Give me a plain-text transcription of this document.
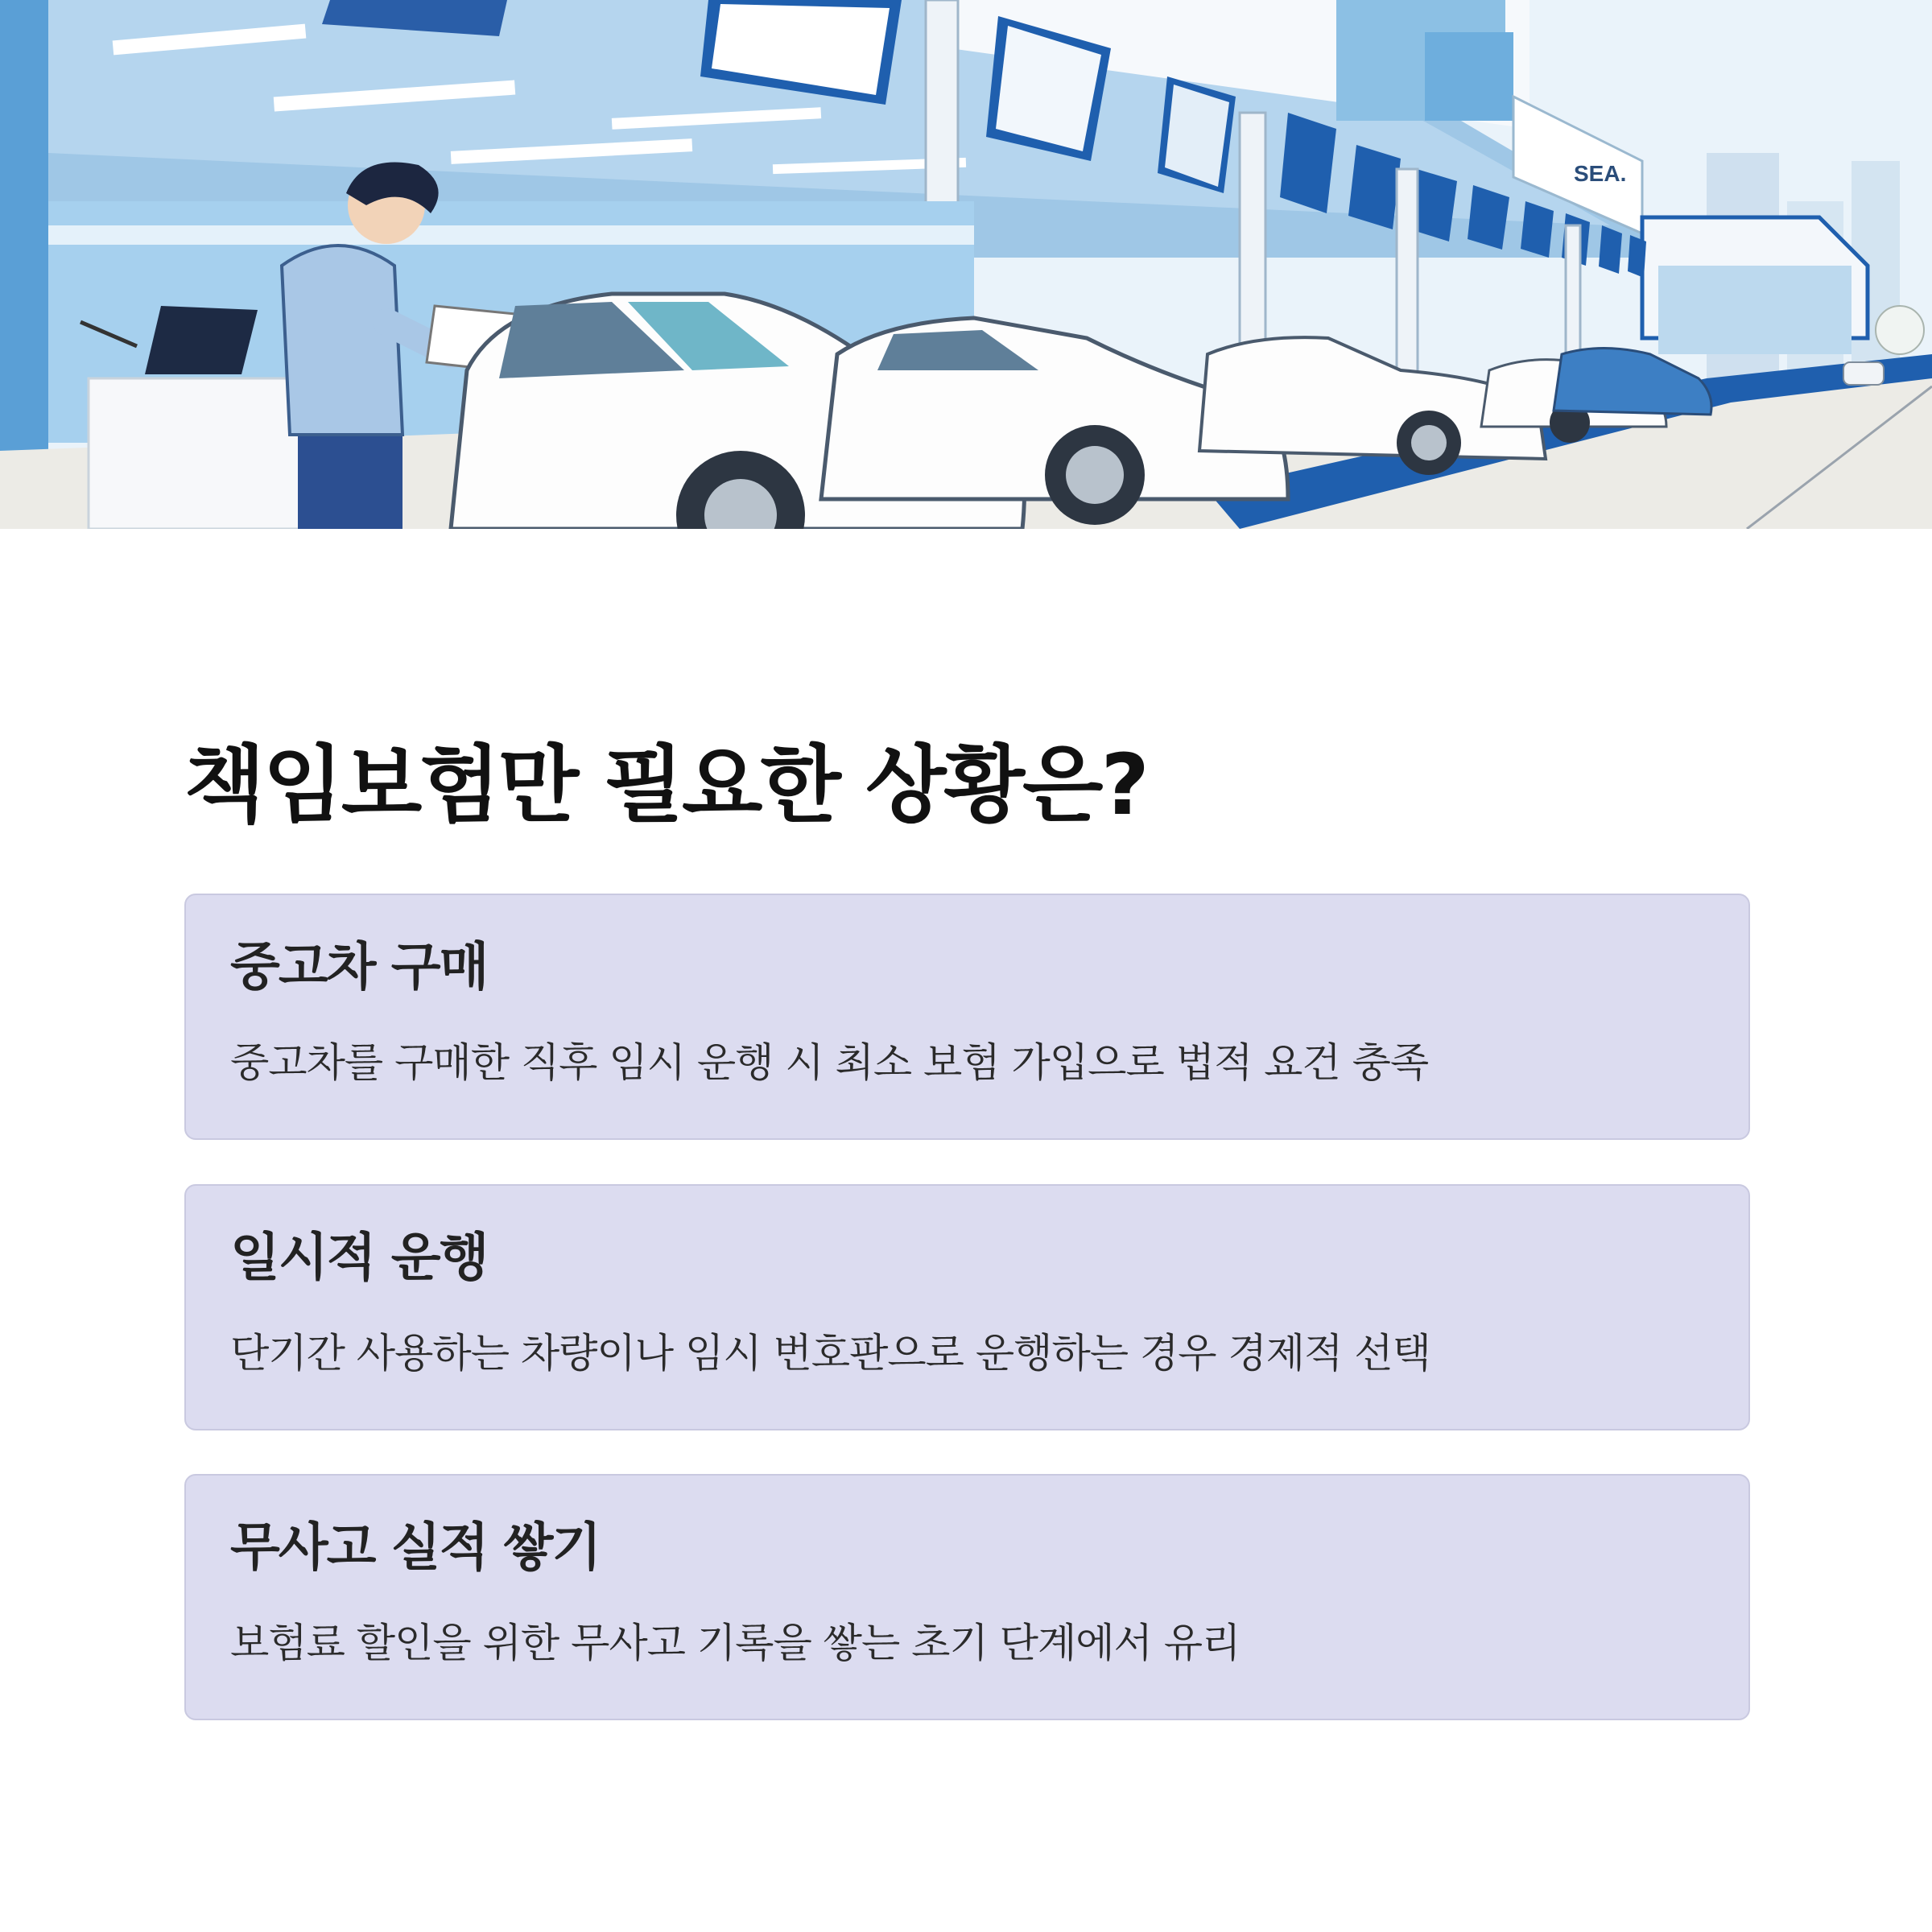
SEA.
책임보험만 필요한 상황은?
중고차 구매
중고차를 구매한 직후 임시 운행 시 최소 보험 가입으로 법적 요건 충족
일시적 운행
단기간 사용하는 차량이나 임시 번호판으로 운행하는 경우 경제적 선택
무사고 실적 쌓기
보험료 할인을 위한 무사고 기록을 쌓는 초기 단계에서 유리
